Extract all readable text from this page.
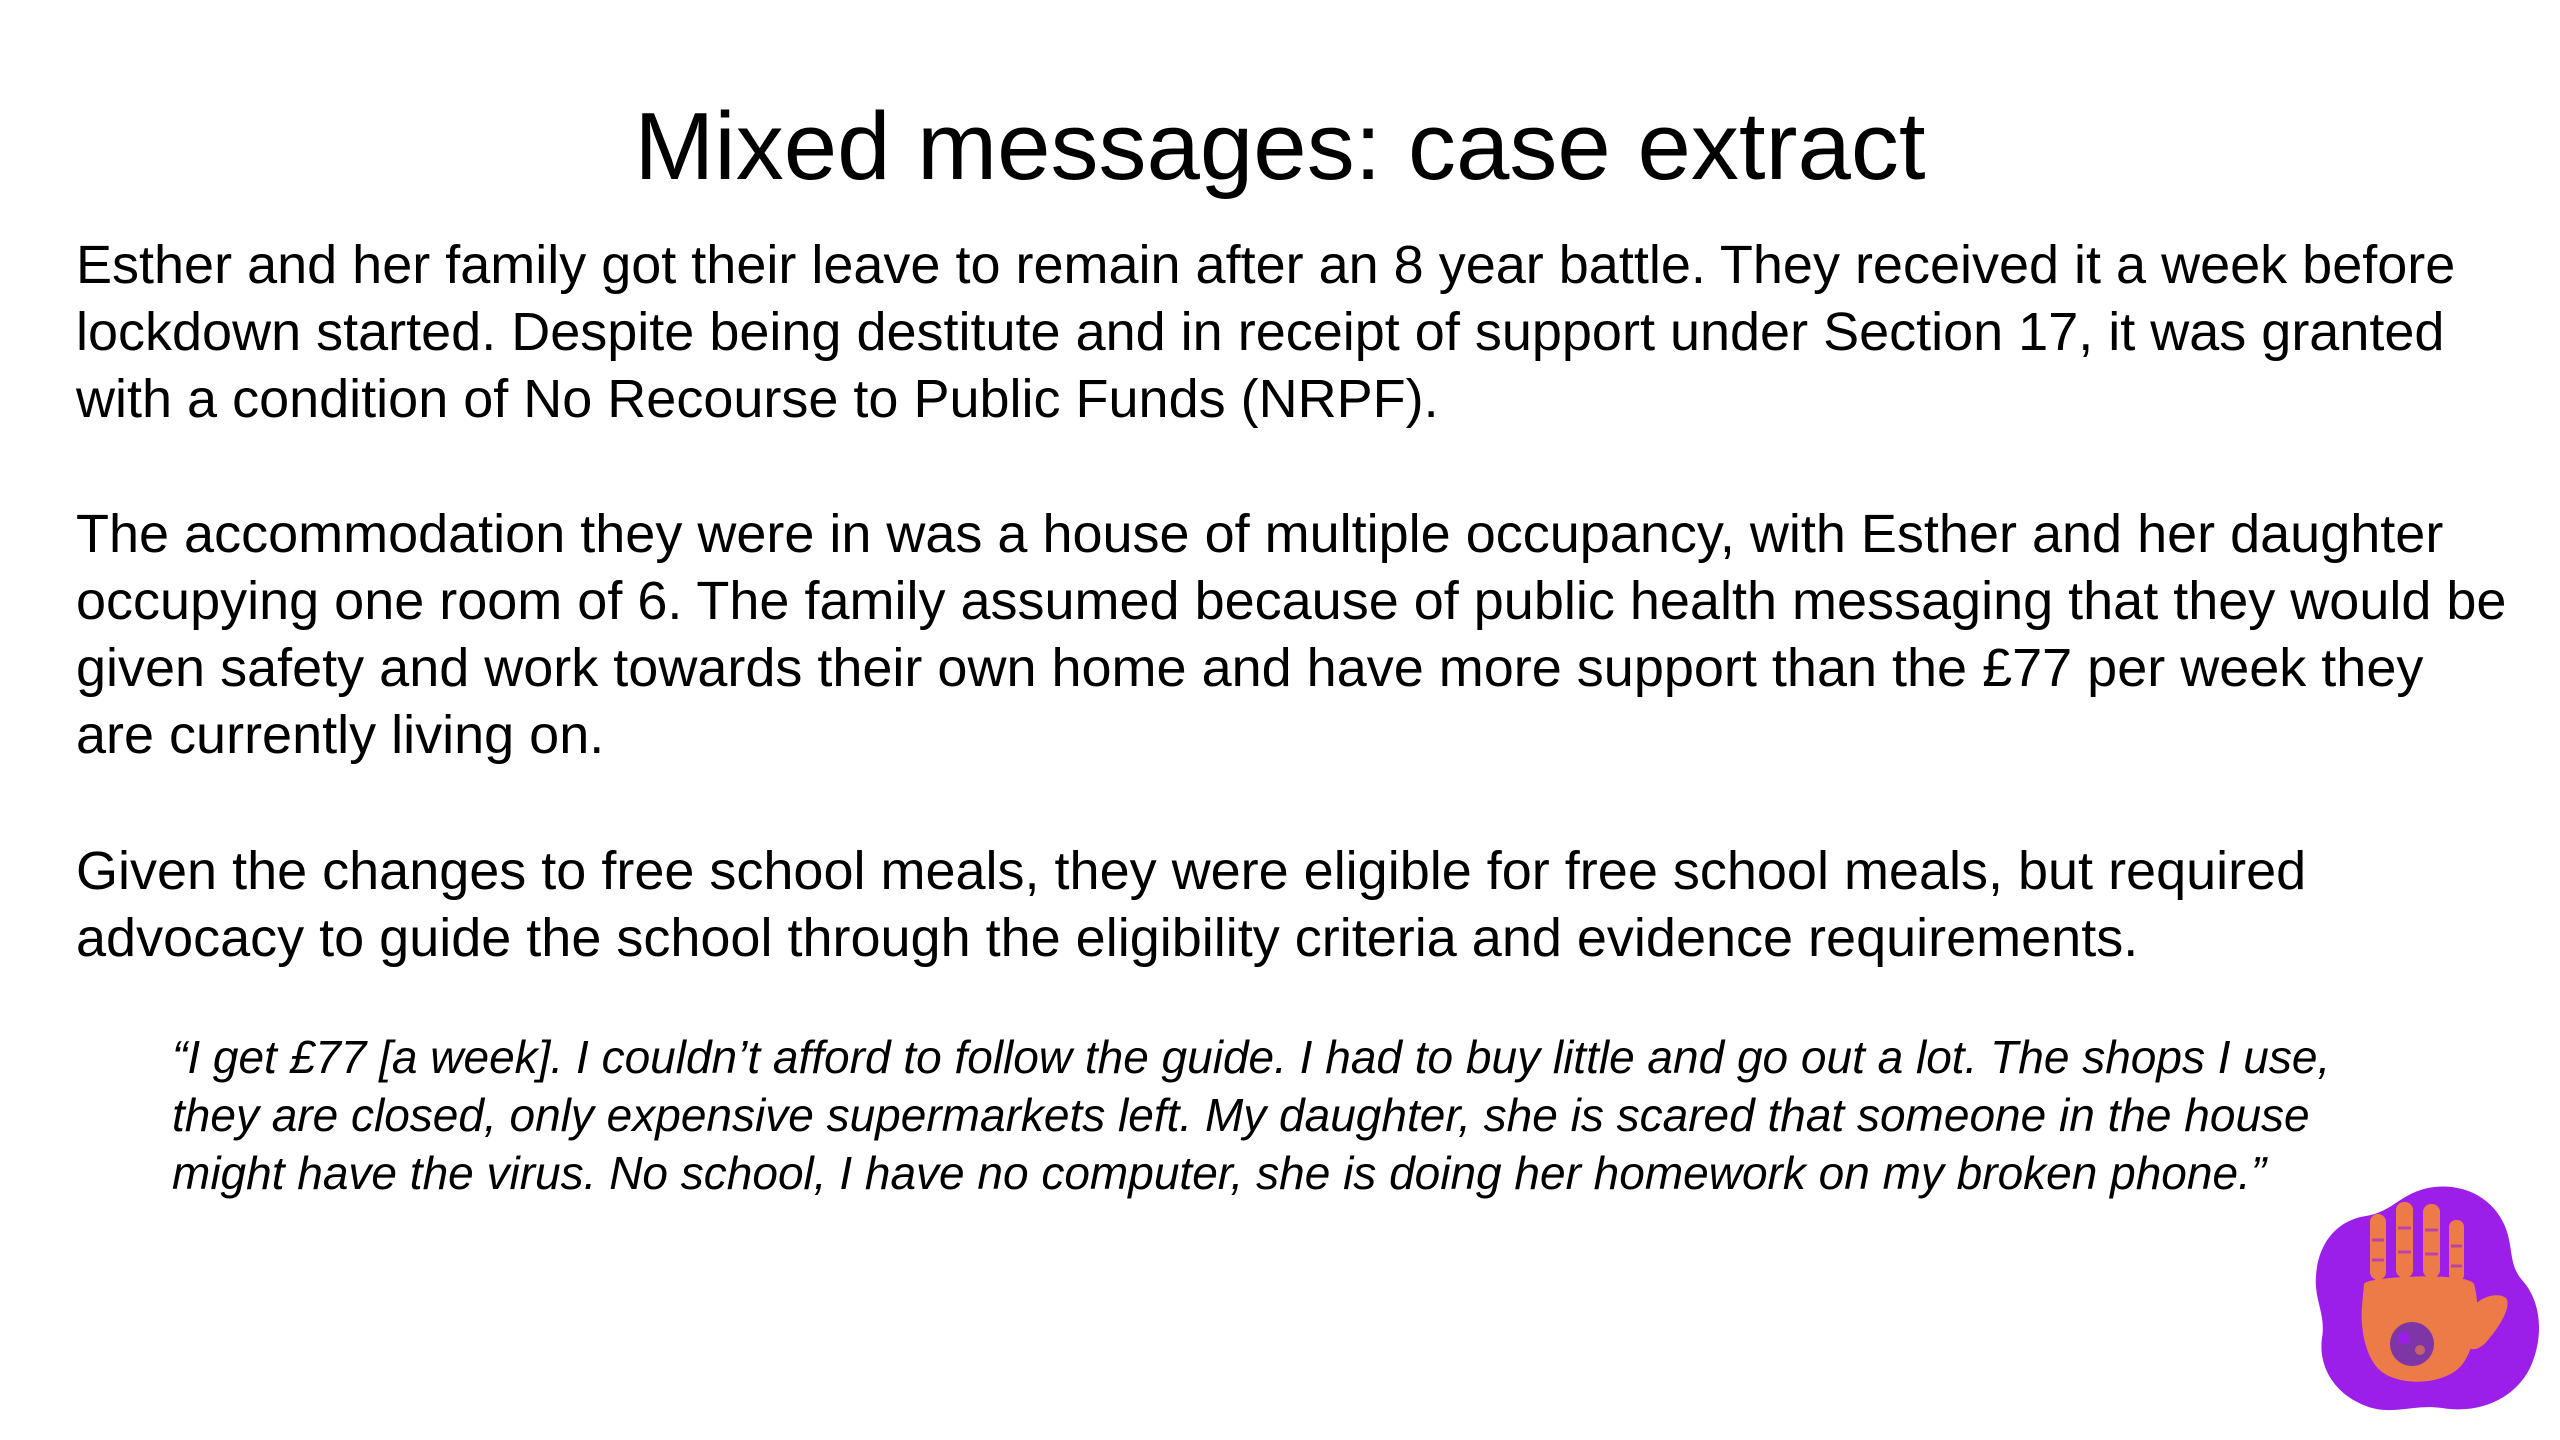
Mixed messages: case extract

Esther and her family got their leave to remain after an 8 year battle. They received it a week before lockdown started. Despite being destitute and in receipt of support under Section 17, it was granted with a condition of No Recourse to Public Funds (NRPF).

The accommodation they were in was a house of multiple occupancy, with Esther and her daughter occupying one room of 6. The family assumed because of public health messaging that they would be given safety and work towards their own home and have more support than the £77 per week they are currently living on.

Given the changes to free school meals, they were eligible for free school meals, but required advocacy to guide the school through the eligibility criteria and evidence requirements.

“I get £77 [a week]. I couldn’t afford to follow the guide. I had to buy little and go out a lot. The shops I use, they are closed, only expensive supermarkets left. My daughter, she is scared that someone in the house might have the virus. No school, I have no computer, she is doing her homework on my broken phone.”
